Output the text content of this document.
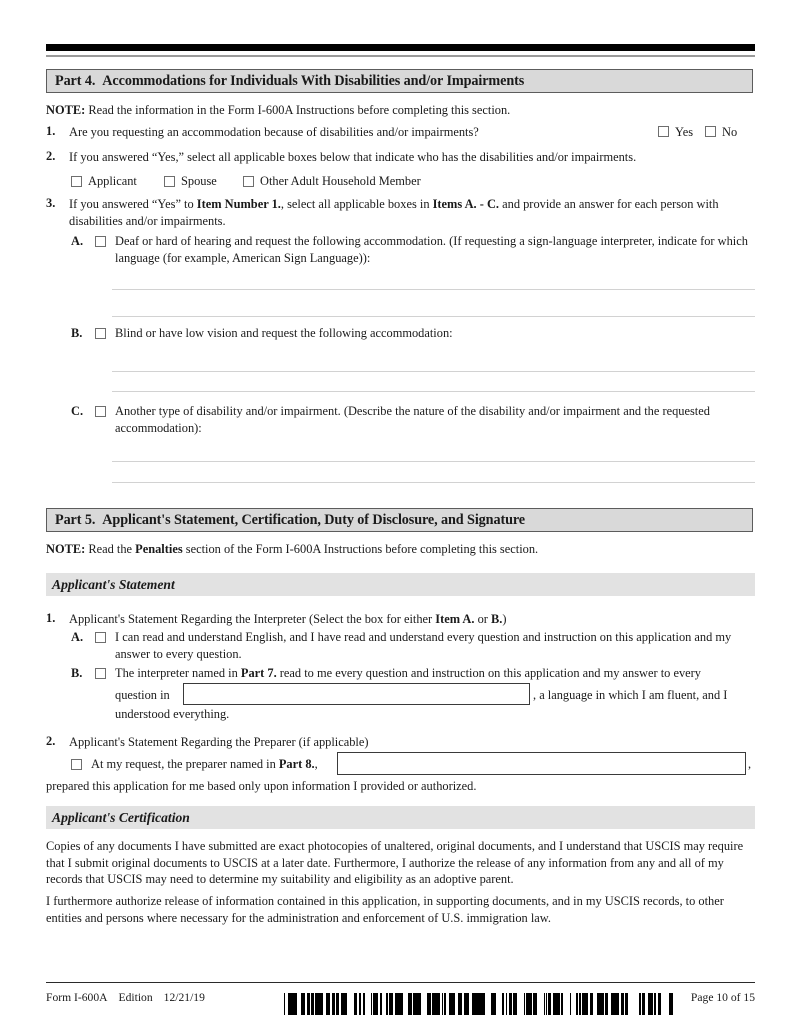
Part 4. Accommodations for Individuals With Disabilities and/or Impairments
NOTE: Read the information in the Form I-600A Instructions before completing this section.
1. Are you requesting an accommodation because of disabilities and/or impairments?	Yes No
2. If you answered “Yes,” select all applicable boxes below that indicate who has the disabilities and/or impairments.
Applicant	Spouse	Other Adult Household Member
3. If you answered “Yes” to Item Number 1., select all applicable boxes in Items A. - C. and provide an answer for each person with disabilities and/or impairments.
A.	Deaf or hard of hearing and request the following accommodation. (If requesting a sign-language interpreter, indicate for which language (for example, American Sign Language)):
B.	Blind or have low vision and request the following accommodation:
C.	Another type of disability and/or impairment. (Describe the nature of the disability and/or impairment and the requested accommodation):
Part 5. Applicant's Statement, Certification, Duty of Disclosure, and Signature
NOTE: Read the Penalties section of the Form I-600A Instructions before completing this section.
Applicant's Statement
1. Applicant's Statement Regarding the Interpreter (Select the box for either Item A. or B.)
A.	I can read and understand English, and I have read and understand every question and instruction on this application and my answer to every question.
B.	The interpreter named in Part 7. read to me every question and instruction on this application and my answer to every
question in	, a language in which I am fluent, and I
understood everything.
2. Applicant's Statement Regarding the Preparer (if applicable)
At my request, the preparer named in Part 8.,	,
prepared this application for me based only upon information I provided or authorized.
Applicant's Certification
Copies of any documents I have submitted are exact photocopies of unaltered, original documents, and I understand that USCIS may require that I submit original documents to USCIS at a later date. Furthermore, I authorize the release of any information from any and all of my records that USCIS may need to determine my suitability and eligibility as an adoptive parent.
I furthermore authorize release of information contained in this application, in supporting documents, and in my USCIS records, to other entities and persons where necessary for the administration and enforcement of U.S. immigration law.
Form I-600A Edition 12/21/19	Page 10 of 15
